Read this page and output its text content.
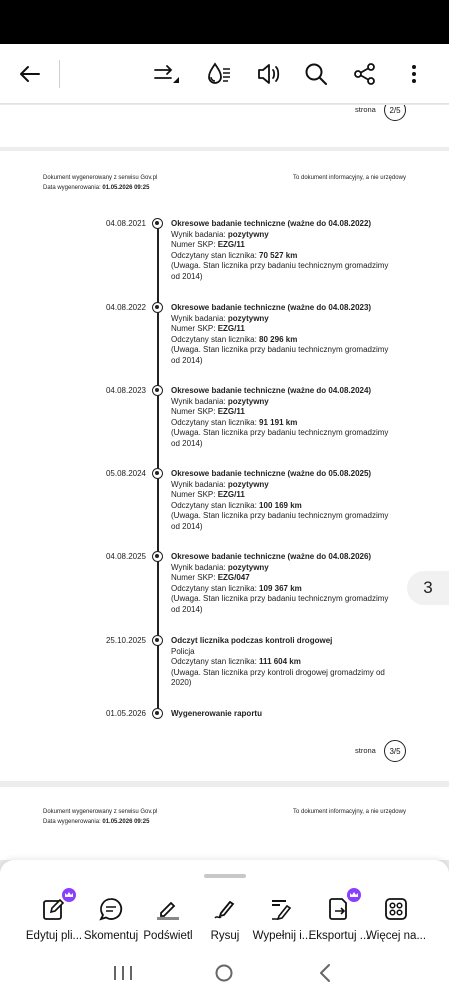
strona	2/5
Dokument wygenerowany z serwisu Gov.pl
Data wygenerowania: 01.05.2026 09:25
To dokument informacyjny, a nie urzędowy
04.08.2021	Okresowe badanie techniczne (ważne do 04.08.2022)
Wynik badania: pozytywny
Numer SKP: EZG/11
Odczytany stan licznika: 70 527 km
(Uwaga. Stan licznika przy badaniu technicznym gromadzimy od 2014)
04.08.2022	Okresowe badanie techniczne (ważne do 04.08.2023)
Wynik badania: pozytywny
Numer SKP: EZG/11
Odczytany stan licznika: 80 296 km
(Uwaga. Stan licznika przy badaniu technicznym gromadzimy od 2014)
04.08.2023	Okresowe badanie techniczne (ważne do 04.08.2024)
Wynik badania: pozytywny
Numer SKP: EZG/11
Odczytany stan licznika: 91 191 km
(Uwaga. Stan licznika przy badaniu technicznym gromadzimy od 2014)
05.08.2024	Okresowe badanie techniczne (ważne do 05.08.2025)
Wynik badania: pozytywny
Numer SKP: EZG/11
Odczytany stan licznika: 100 169 km
(Uwaga. Stan licznika przy badaniu technicznym gromadzimy od 2014)
04.08.2025	Okresowe badanie techniczne (ważne do 04.08.2026)
Wynik badania: pozytywny
Numer SKP: EZG/047
Odczytany stan licznika: 109 367 km
(Uwaga. Stan licznika przy badaniu technicznym gromadzimy od 2014)
25.10.2025	Odczyt licznika podczas kontroli drogowej
Policja
Odczytany stan licznika: 111 604 km
(Uwaga. Stan licznika przy kontroli drogowej gromadzimy od 2020)
01.05.2026	Wygenerowanie raportu
strona	3/5
Dokument wygenerowany z serwisu Gov.pl
Data wygenerowania: 01.05.2026 09:25
To dokument informacyjny, a nie urzędowy
3
Edytuj pli... Skomentuj Podświetl	Rysuj	Wypełnij i...
Eksportuj ...
Więcej na...
